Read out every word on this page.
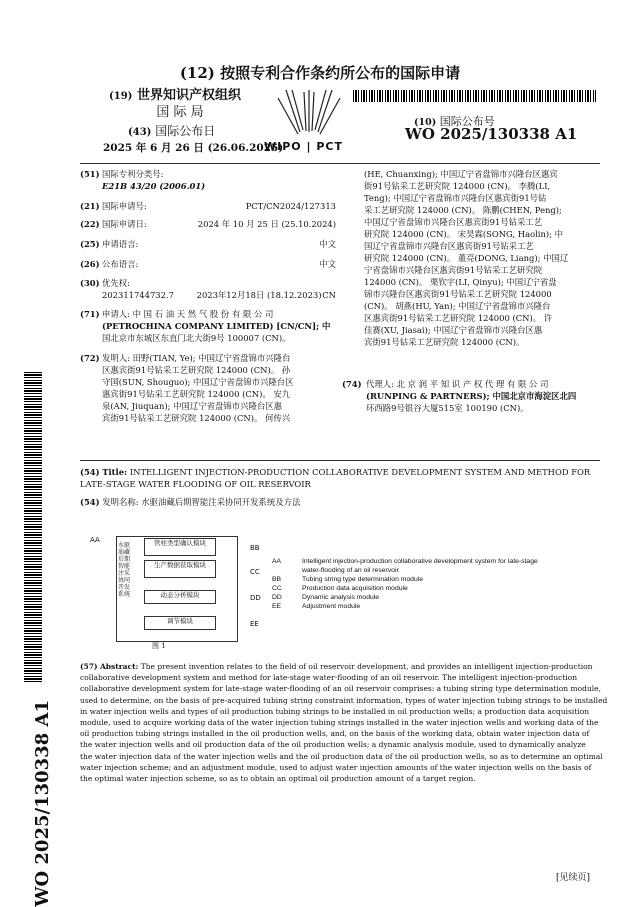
(12) 按照专利合作条约所公布的国际申请
(19) 世界知识产权组织
国 际 局
(43) 国际公布日
2025 年 6 月 26 日 (26.06.2025)
WIPO | PCT
(10) 国际公布号
WO 2025/130338 A1
(51) 国际专利分类号:
E21B 43/20 (2006.01)
(21) 国际申请号:	PCT/CN2024/127313
(22) 国际申请日:	2024 年 10 月 25 日 (25.10.2024)
(25) 申请语言:	中文
(26) 公布语言:	中文
(30) 优先权:
202311744732.7	2023年12月18日 (18.12.2023) CN
(71) 申请人: 中 国 石 油 天 然 气 股 份 有 限 公 司
(PETROCHINA COMPANY LIMITED) [CN/CN]; 中
国北京市东城区东直门北大街9号 100007 (CN)。
(72) 发明人: 田野(TIAN, Ye); 中国辽宁省盘锦市兴隆台
区惠宾街91号钻采工艺研究院 124000 (CN)。 孙
守国(SUN, Shouguo); 中国辽宁省盘锦市兴隆台区
惠宾街91号钻采工艺研究院 124000 (CN)。 安九
泉(AN, Jiuquan); 中国辽宁省盘锦市兴隆台区惠
宾街91号钻采工艺研究院 124000 (CN)。 何传兴
(HE, Chuanxing); 中国辽宁省盘锦市兴隆台区惠宾
街91号钻采工艺研究院 124000 (CN)。 李腾(LI,
Teng); 中国辽宁省盘锦市兴隆台区惠宾街91号钻
采工艺研究院 124000 (CN)。 陈鹏(CHEN, Peng);
中国辽宁省盘锦市兴隆台区惠宾街91号钻采工艺
研究院 124000 (CN)。 宋昊霖(SONG, Haolin); 中
国辽宁省盘锦市兴隆台区惠宾街91号钻采工艺
研究院 124000 (CN)。 董亮(DONG, Liang); 中国辽
宁省盘锦市兴隆台区惠宾街91号钻采工艺研究院
124000 (CN)。 栗钦宇(LI, Qinyu); 中国辽宁省盘
锦市兴隆台区惠宾街91号钻采工艺研究院 124000
(CN)。 胡燕(HU, Yan); 中国辽宁省盘锦市兴隆台
区惠宾街91号钻采工艺研究院 124000 (CN)。 许
佳赛(XU, Jiasai); 中国辽宁省盘锦市兴隆台区惠
宾街91号钻采工艺研究院 124000 (CN)。
(74) 代理人: 北 京 润 平 知 识 产 权 代 理 有 限 公 司
(RUNPING & PARTNERS); 中国北京市海淀区北四
环西路9号银谷大厦515室 100190 (CN)。
WO 2025/130338 A1
(54) Title: INTELLIGENT INJECTION-PRODUCTION COLLABORATIVE DEVELOPMENT SYSTEM AND METHOD FOR
LATE-STAGE WATER FLOODING OF OIL RESERVOIR
(54) 发明名称: 水驱油藏后期智能注采协同开发系统及方法
AA
水驱油藏后期智能注采协同开发系统
管柱类型确认模块
生产数据获取模块
动态分析模块
调节模块
BB
CC
DD
EE
图 1
AA	Intelligent injection-production collaborative development system for late-stage
water-flooding of an oil reservoir
BB	Tubing string type determination module
CC	Production data acquisition module
DD	Dynamic analysis module
EE	Adjustment module
(57) Abstract: The present invention relates to the field of oil reservoir development, and provides an intelligent injection-production
collaborative development system and method for late-stage water-flooding of an oil reservoir. The intelligent injection-production
collaborative development system for late-stage water-flooding of an oil reservoir comprises: a tubing string type determination module,
used to determine, on the basis of pre-acquired tubing string constraint information, types of water injection tubing strings to be installed
in water injection wells and types of oil production tubing strings to be installed in oil production wells; a production data acquisition
module, used to acquire working data of the water injection tubing strings installed in the water injection wells and working data of the
oil production tubing strings installed in the oil production wells, and, on the basis of the working data, obtain water injection data of
the water injection wells and oil production data of the oil production wells; a dynamic analysis module, used to dynamically analyze
the water injection data of the water injection wells and the oil production data of the oil production wells, so as to determine an optimal
water injection scheme; and an adjustment module, used to adjust water injection amounts of the water injection wells on the basis of
the optimal water injection scheme, so as to obtain an optimal oil production amount of a target region.
[见续页]
